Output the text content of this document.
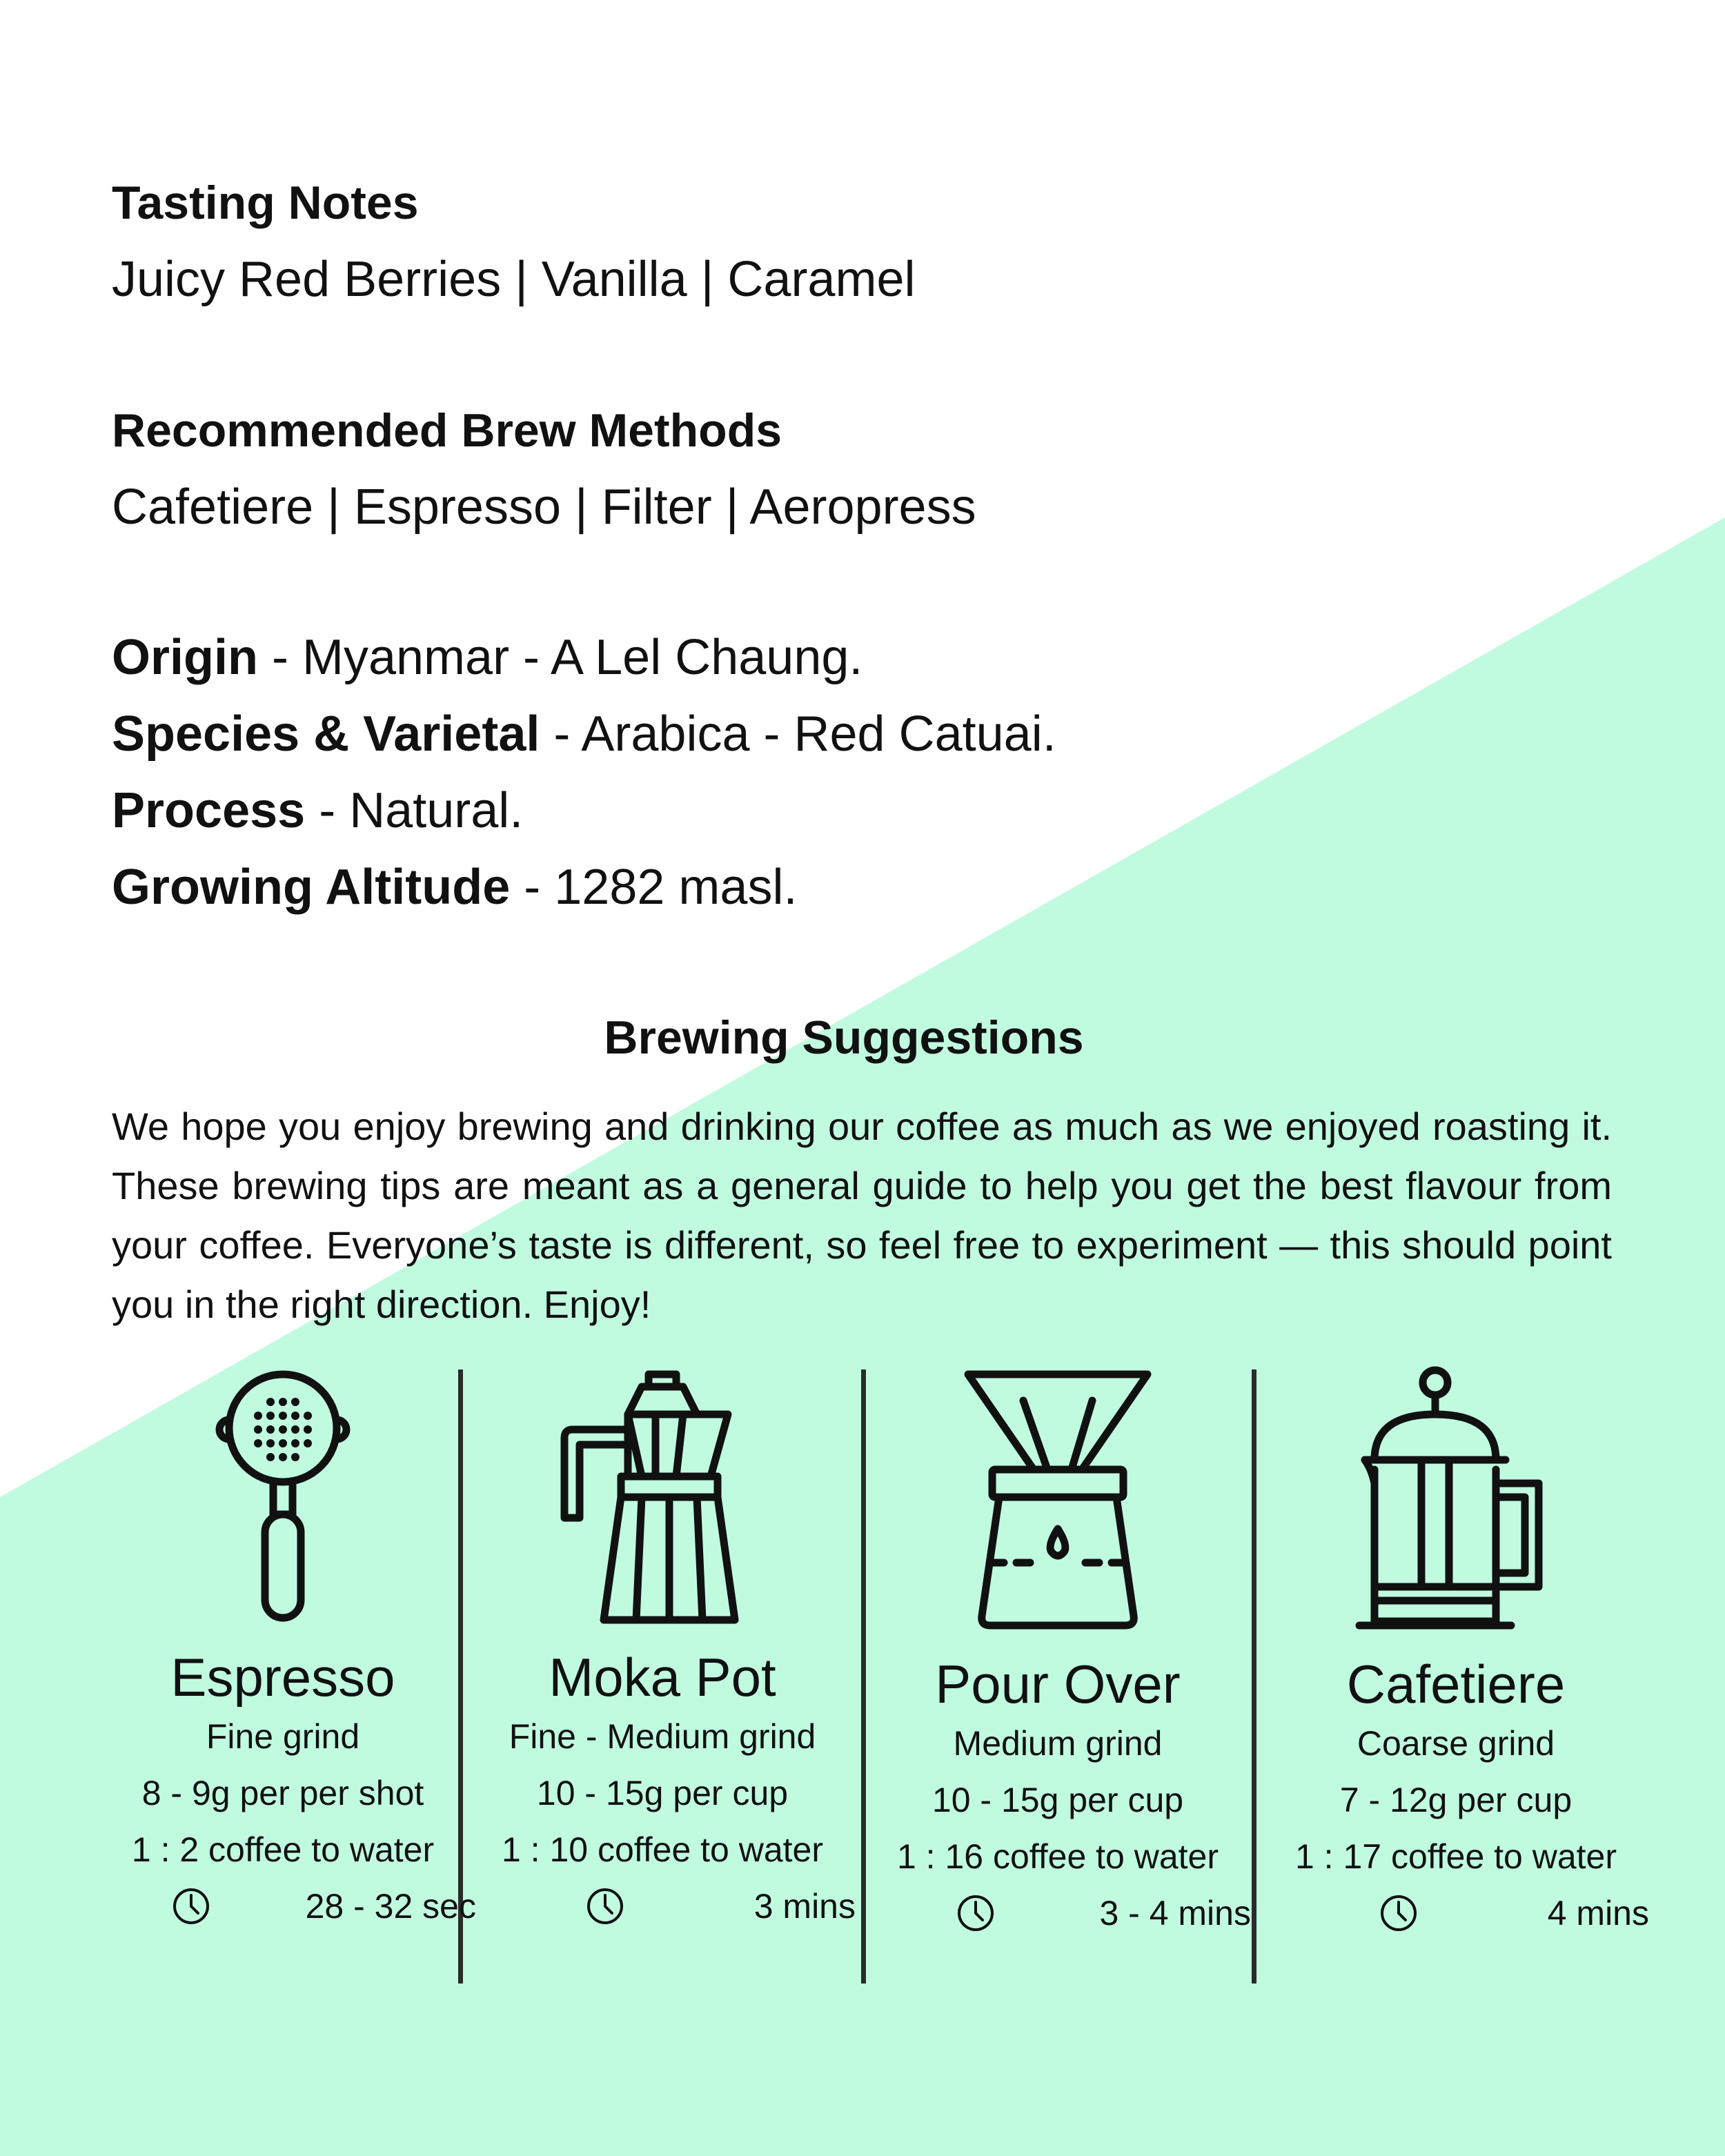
Tasting Notes
Juicy Red Berries | Vanilla | Caramel
Recommended Brew Methods
Cafetiere | Espresso | Filter | Aeropress
Origin - Myanmar - A Lel Chaung.
Species & Varietal - Arabica - Red Catuai.
Process - Natural.
Growing Altitude - 1282 masl.
Brewing Suggestions
We hope you enjoy brewing and drinking our coffee as much as we enjoyed roasting it. These brewing tips are meant as a general guide to help you get the best flavour from your coffee. Everyone’s taste is different, so feel free to experiment — this should point you in the right direction. Enjoy!
Espresso
Fine grind
8 - 9g per per shot
1 : 2 coffee to water
28 - 32 sec
Moka Pot
Fine - Medium grind
10 - 15g per cup
1 : 10 coffee to water
3 mins
Pour Over
Medium grind
10 - 15g per cup
1 : 16 coffee to water
3 - 4 mins
Cafetiere
Coarse grind
7 - 12g per cup
1 : 17 coffee to water
4 mins
